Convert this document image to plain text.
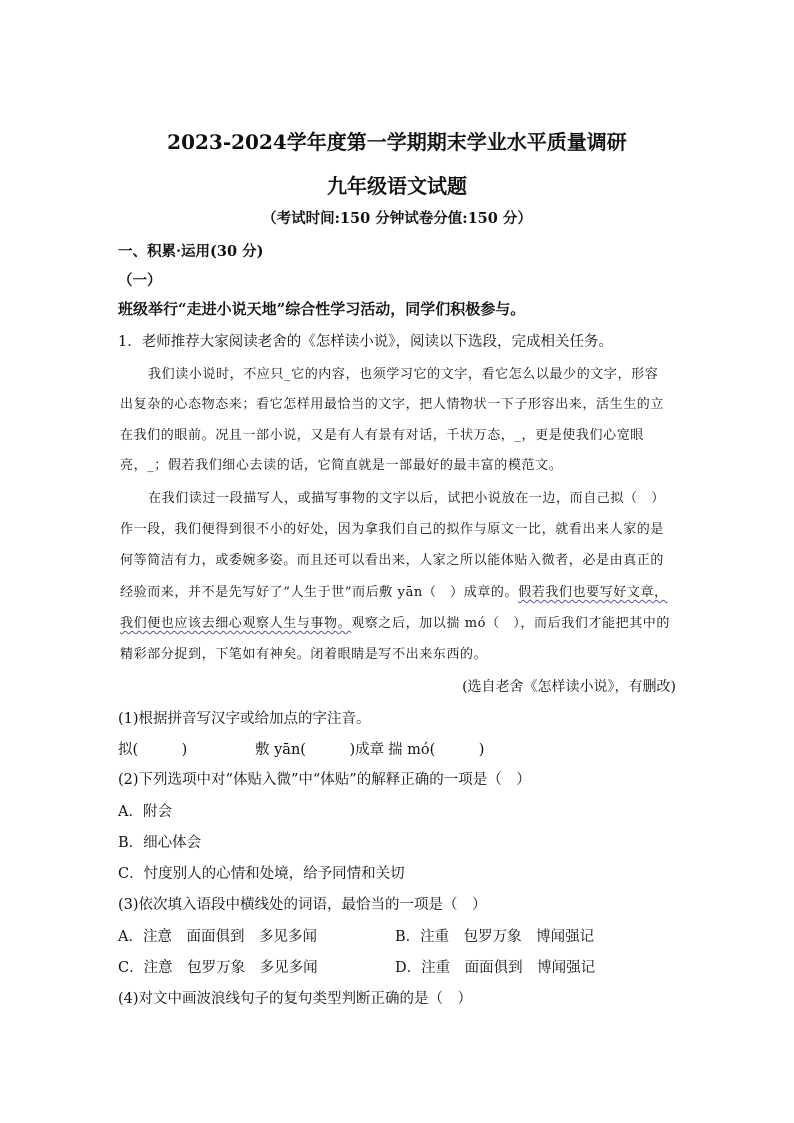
2023-2024学年度第一学期期末学业水平质量调研
九年级语文试题
（考试时间:150 分钟试卷分值:150 分）
一、积累·运用(30 分)
（一）
班级举行“走进小说天地”综合性学习活动，同学们积极参与。
1．老师推荐大家阅读老舍的《怎样读小说》，阅读以下选段，完成相关任务。
我们读小说时，不应只_它的内容，也须学习它的文字，看它怎么以最少的文字，形容
出复杂的心态物态来；看它怎样用最恰当的文字，把人情物状一下子形容出来，活生生的立
在我们的眼前。况且一部小说，又是有人有景有对话，千状万态，_，更是使我们心宽眼
亮，_；假若我们细心去读的话，它简直就是一部最好的最丰富的模范文。
在我们读过一段描写人，或描写事物的文字以后，试把小说放在一边，而自己拟（　）
作一段，我们便得到很不小的好处，因为拿我们自己的拟作与原文一比，就看出来人家的是
何等简洁有力，或委婉多姿。而且还可以看出来，人家之所以能体贴入微者，必是由真正的
经验而来，并不是先写好了“人生于世”而后敷 yān（　）成章的。假若我们也要写好文章，
我们便也应该去细心观察人生与事物。观察之后，加以揣 mó（　），而后我们才能把其中的
精彩部分捉到，下笔如有神矣。闭着眼睛是写不出来东西的。
(选自老舍《怎样读小说》，有删改)
(1)根据拼音写汉字或给加点的字注音。
拟(　　　)	敷 yān(　　　)成章 揣 mó(　　　)
(2)下列选项中对“体贴入微”中“体贴”的解释正确的一项是（　）
A．附会
B．细心体会
C．忖度别人的心情和处境，给予同情和关切
(3)依次填入语段中横线处的词语，最恰当的一项是（　）
A．注意　面面俱到　多见多闻	B．注重　包罗万象　博闻强记
C．注意　包罗万象　多见多闻	D．注重　面面俱到　博闻强记
(4)对文中画波浪线句子的复句类型判断正确的是（　）
